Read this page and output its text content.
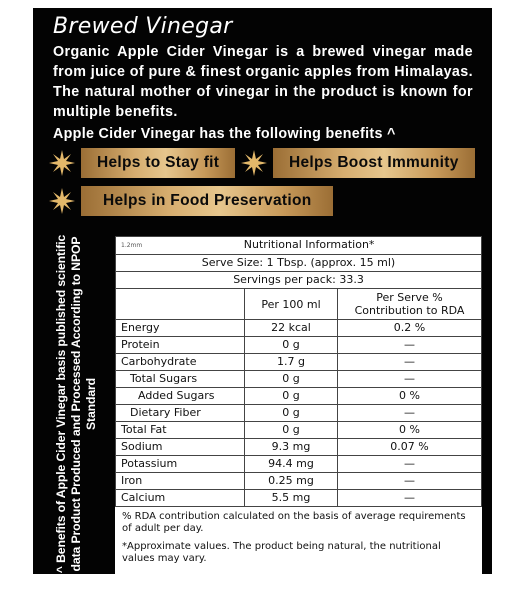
Brewed Vinegar
Organic Apple Cider Vinegar is a brewed vinegar made from juice of pure & finest organic apples from Himalayas. The natural mother of vinegar in the product is known for multiple benefits.
Apple Cider Vinegar has the following benefits ^
Helps to Stay fit	Helps Boost Immunity
Helps in Food Preservation
^ Benefits of Apple Cider Vinegar basis published scientific data Product Produced and Processed According to NPOP Standard
1.2mm Nutritional Information*		
Serve Size: 1 Tbsp. (approx. 15 ml)		
Servings per pack: 33.3		
	Per 100 ml	Per Serve % Contribution to RDA
Energy	22 kcal	0.2 %
Protein	0 g	—
Carbohydrate	1.7 g	—
Total Sugars	0 g	—
Added Sugars	0 g	0 %
Dietary Fiber	0 g	—
Total Fat	0 g	0 %
Sodium	9.3 mg	0.07 %
Potassium	94.4 mg	—
Iron	0.25 mg	—
Calcium	5.5 mg	—

% RDA contribution calculated on the basis of average requirements of adult per day.

*Approximate values. The product being natural, the nutritional values may vary.
